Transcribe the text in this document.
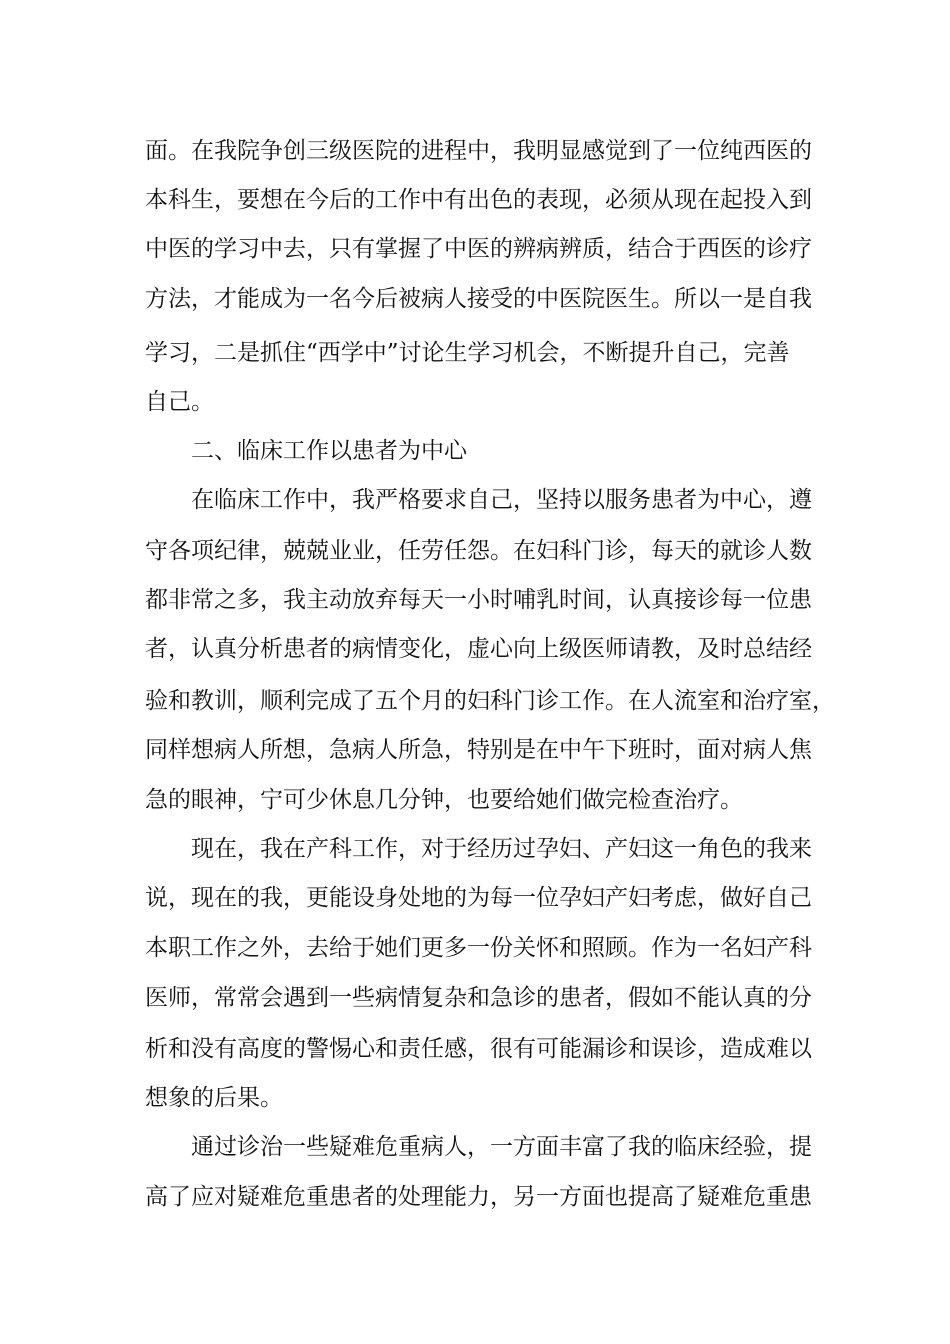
面。在我院争创三级医院的进程中，我明显感觉到了一位纯西医的
本科生，要想在今后的工作中有出色的表现，必须从现在起投入到
中医的学习中去，只有掌握了中医的辨病辨质，结合于西医的诊疗
方法，才能成为一名今后被病人接受的中医院医生。所以一是自我
学习，二是抓住“西学中”讨论生学习机会，不断提升自己，完善
自己。
二、临床工作以患者为中心
在临床工作中，我严格要求自己，坚持以服务患者为中心，遵
守各项纪律，兢兢业业，任劳任怨。在妇科门诊，每天的就诊人数
都非常之多，我主动放弃每天一小时哺乳时间，认真接诊每一位患
者，认真分析患者的病情变化，虚心向上级医师请教，及时总结经
验和教训，顺利完成了五个月的妇科门诊工作。在人流室和治疗室，
同样想病人所想，急病人所急，特别是在中午下班时，面对病人焦
急的眼神，宁可少休息几分钟，也要给她们做完检查治疗。
现在，我在产科工作，对于经历过孕妇、产妇这一角色的我来
说，现在的我，更能设身处地的为每一位孕妇产妇考虑，做好自己
本职工作之外，去给于她们更多一份关怀和照顾。作为一名妇产科
医师，常常会遇到一些病情复杂和急诊的患者，假如不能认真的分
析和没有高度的警惕心和责任感，很有可能漏诊和误诊，造成难以
想象的后果。
通过诊治一些疑难危重病人，一方面丰富了我的临床经验，提
高了应对疑难危重患者的处理能力，另一方面也提高了疑难危重患
